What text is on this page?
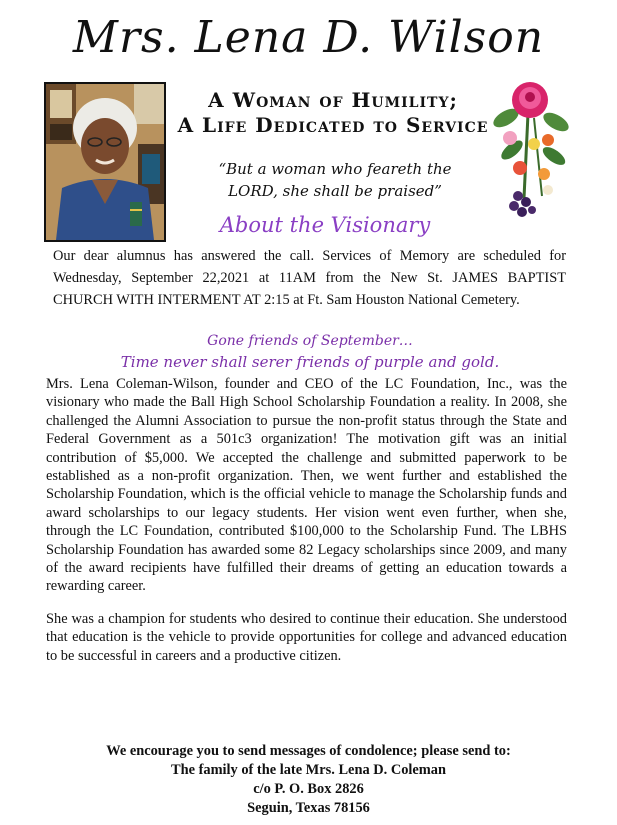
Mrs. Lena D. Wilson
A Woman of Humility;
A Life Dedicated to Service
“But a woman who feareth the
LORD, she shall be praised”
About the Visionary
Our dear alumnus has answered the call. Services of Memory are scheduled for Wednesday, September 22,2021 at 11AM from the New St. JAMES BAPTIST CHURCH WITH INTERMENT AT 2:15 at Ft. Sam Houston National Cemetery.
Gone friends of September…
Time never shall serer friends of purple and gold.

Mrs. Lena Coleman-Wilson, founder and CEO of the LC Foundation, Inc., was the visionary who made the Ball High School Scholarship Foundation a reality. In 2008, she challenged the Alumni Association to pursue the non-profit status through the State and Federal Government as a 501c3 organization! The motivation gift was an initial contribution of $5,000. We accepted the challenge and submitted paperwork to be established as a non-profit organization. Then, we went further and established the Scholarship Foundation, which is the official vehicle to manage the Scholarship funds and award scholarships to our legacy students. Her vision went even further, when she, through the LC Foundation, contributed $100,000 to the Scholarship Fund. The LBHS Scholarship Foundation has awarded some 82 Legacy scholarships since 2009, and many of the award recipients have fulfilled their dreams of getting an education towards a rewarding career.

She was a champion for students who desired to continue their education. She understood that education is the vehicle to provide opportunities for college and advanced education to be successful in careers and a productive citizen.

We encourage you to send messages of condolence; please send to:
The family of the late Mrs. Lena D. Coleman
c/o P. O. Box 2826
Seguin, Texas 78156
